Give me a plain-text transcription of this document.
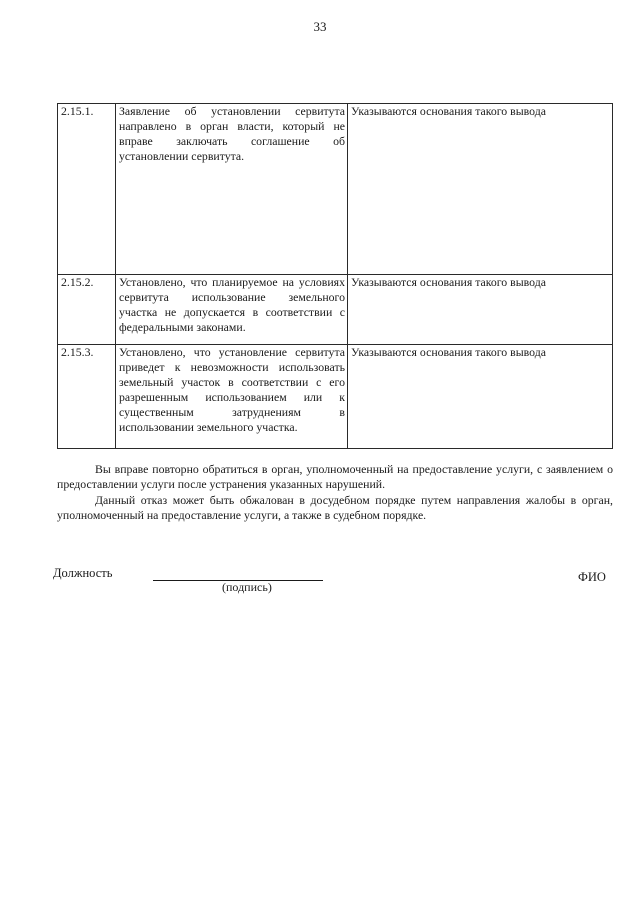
33
2.15.1.	Заявление об установлении сервитута направлено в орган власти, который не вправе заключать соглашение об установлении сервитута.	Указываются основания такого вывода
2.15.2.	Установлено, что планируемое на условиях сервитута использование земельного участка не допускается в соответствии с федеральными законами.	Указываются основания такого вывода
2.15.3.	Установлено, что установление сервитута приведет к невозможности использовать земельный участок в соответствии с его разрешенным использованием или к существенным затруднениям в использовании земельного участка.	Указываются основания такого вывода

Вы вправе повторно обратиться в орган, уполномоченный на предоставление услуги, с заявлением о предоставлении услуги после устранения указанных нарушений.

Данный отказ может быть обжалован в досудебном порядке путем направления жалобы в орган, уполномоченный на предоставление услуги, а также в судебном порядке.

Должность
(подпись)
ФИО
